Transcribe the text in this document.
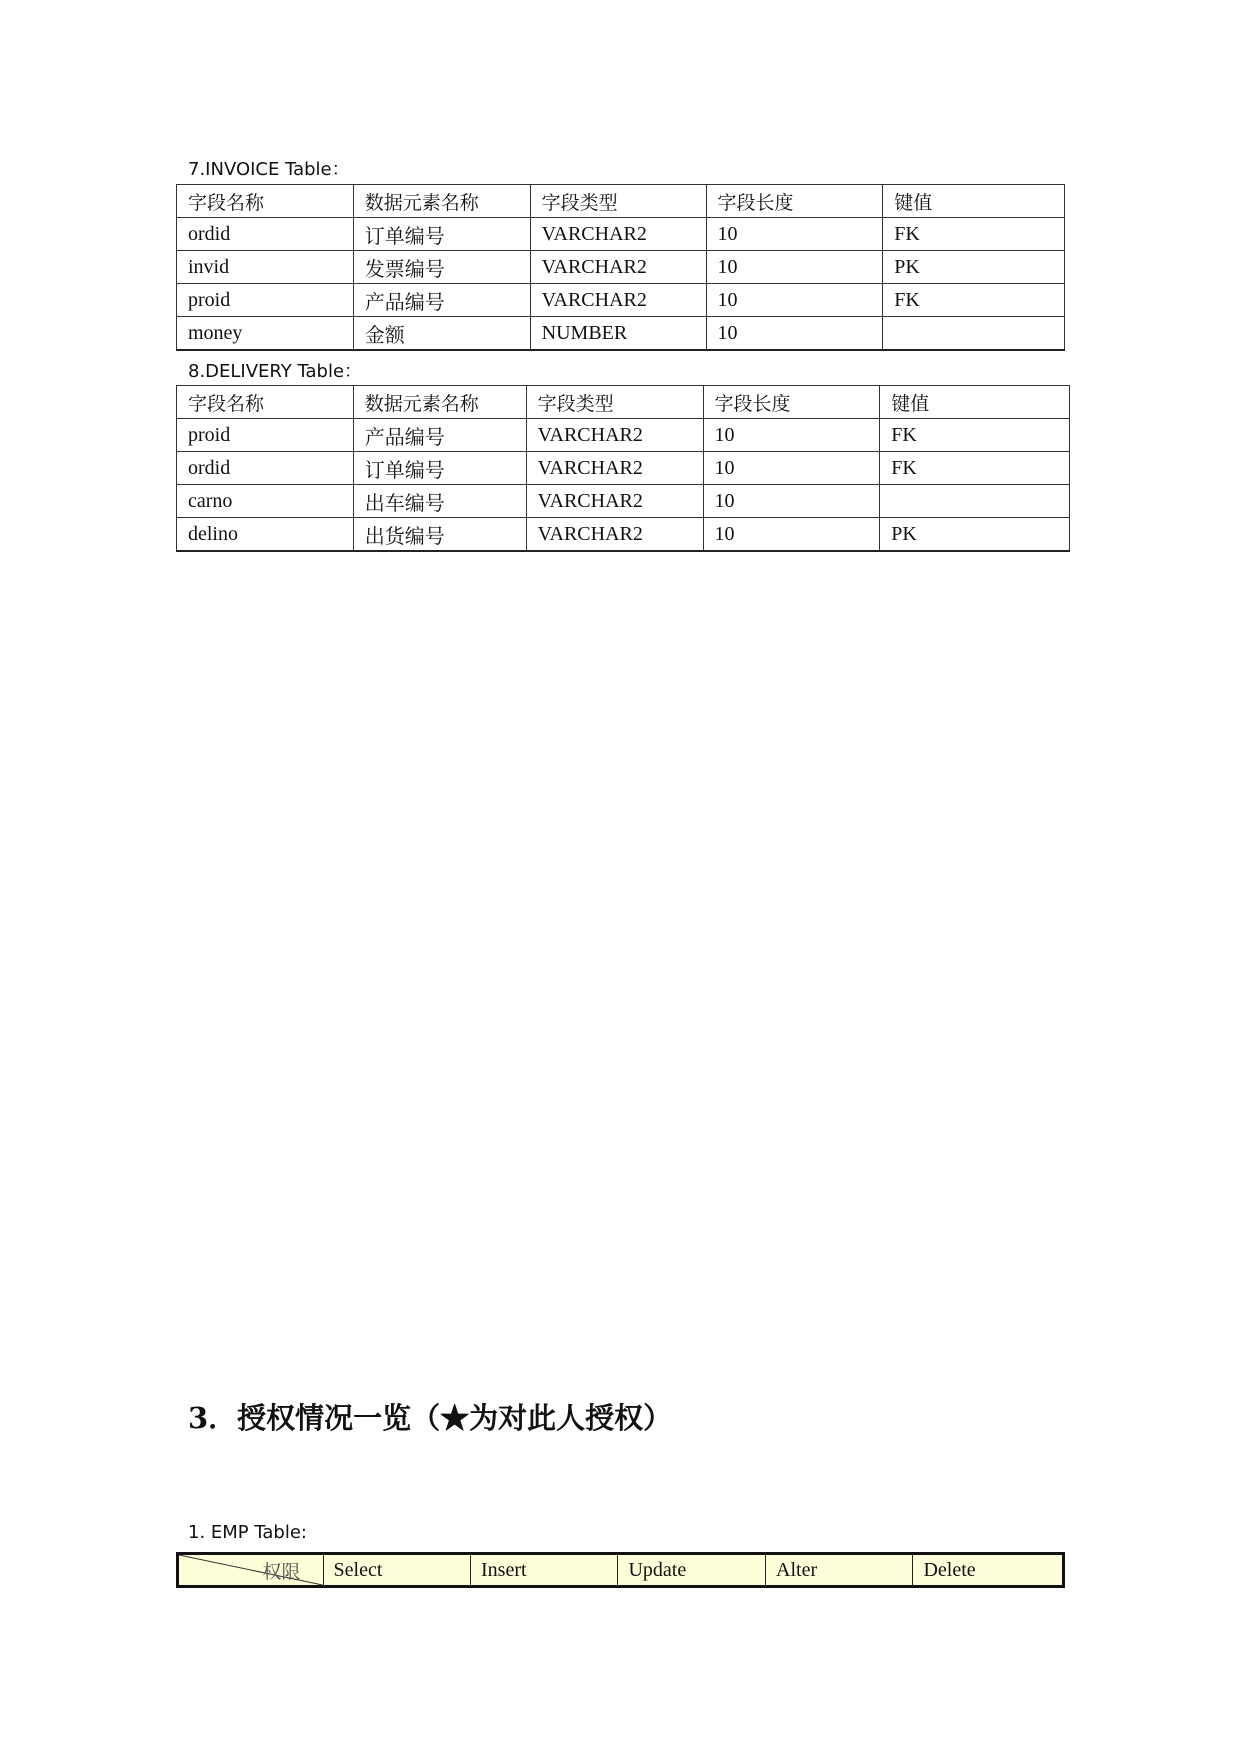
7.INVOICE Table：
字段名称	数据元素名称	字段类型	字段长度	键值
ordid	订单编号	VARCHAR2	10	FK
invid	发票编号	VARCHAR2	10	PK
proid	产品编号	VARCHAR2	10	FK
money	金额	NUMBER	10	
8.DELIVERY Table：
字段名称	数据元素名称	字段类型	字段长度	键值
proid	产品编号	VARCHAR2	10	FK
ordid	订单编号	VARCHAR2	10	FK
carno	出车编号	VARCHAR2	10	
delino	出货编号	VARCHAR2	10	PK
3．授权情况一览（★为对此人授权）
1. EMP Table:
权限	Select	Insert	Update	Alter	Delete
